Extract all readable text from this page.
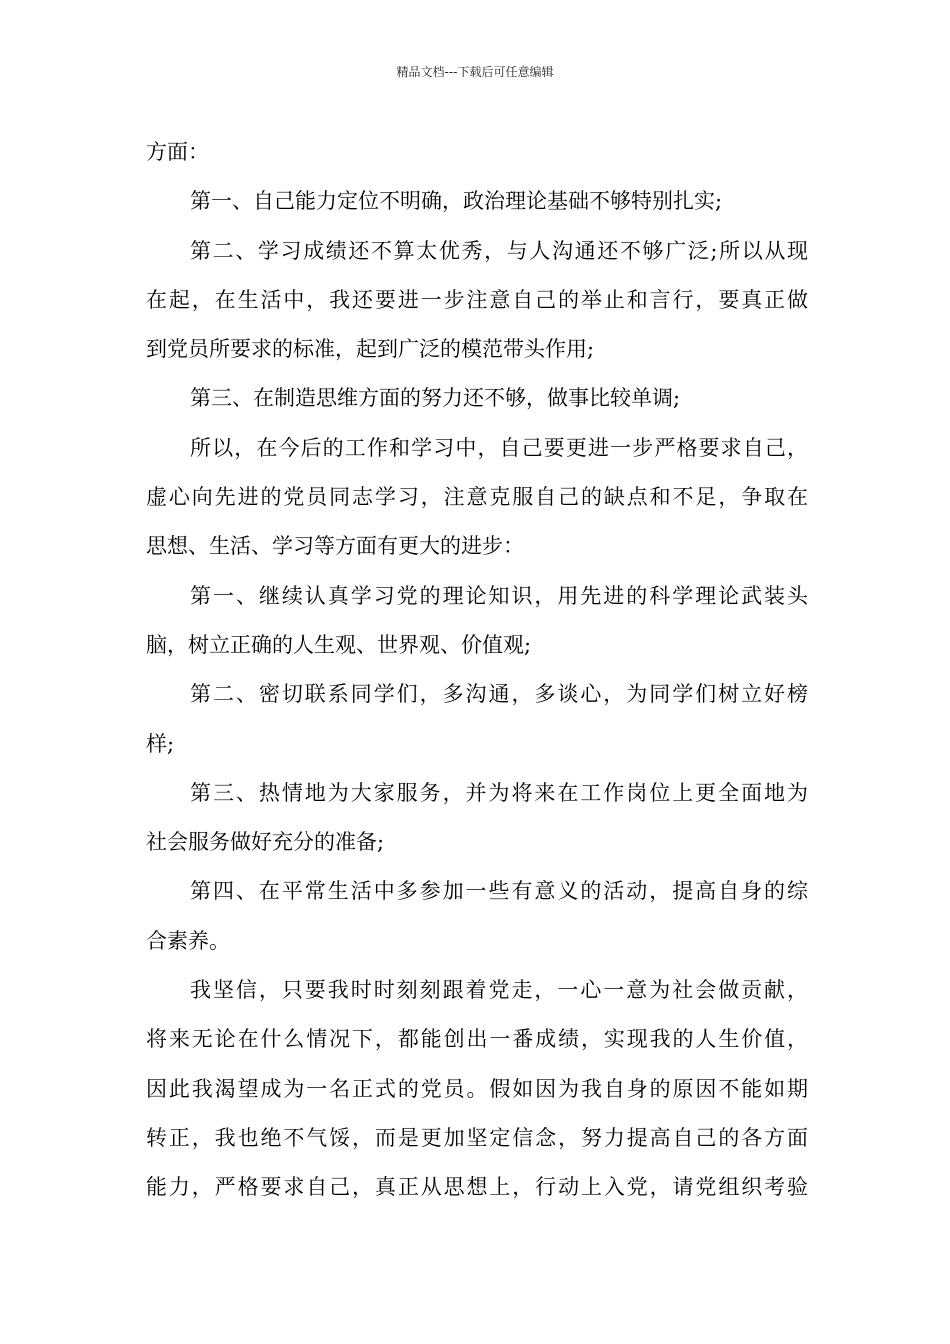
精品文档---下载后可任意编辑
方面：
第一、自己能力定位不明确，政治理论基础不够特别扎实;
第二、学习成绩还不算太优秀，与人沟通还不够广泛;所以从现
在起，在生活中，我还要进一步注意自己的举止和言行，要真正做
到党员所要求的标准，起到广泛的模范带头作用;
第三、在制造思维方面的努力还不够，做事比较单调;
所以，在今后的工作和学习中，自己要更进一步严格要求自己，
虚心向先进的党员同志学习，注意克服自己的缺点和不足，争取在
思想、生活、学习等方面有更大的进步：
第一、继续认真学习党的理论知识，用先进的科学理论武装头
脑，树立正确的人生观、世界观、价值观;
第二、密切联系同学们，多沟通，多谈心，为同学们树立好榜
样;
第三、热情地为大家服务，并为将来在工作岗位上更全面地为
社会服务做好充分的准备;
第四、在平常生活中多参加一些有意义的活动，提高自身的综
合素养。
我坚信，只要我时时刻刻跟着党走，一心一意为社会做贡献，
将来无论在什么情况下，都能创出一番成绩，实现我的人生价值，
因此我渴望成为一名正式的党员。假如因为我自身的原因不能如期
转正，我也绝不气馁，而是更加坚定信念，努力提高自己的各方面
能力，严格要求自己，真正从思想上，行动上入党，请党组织考验
